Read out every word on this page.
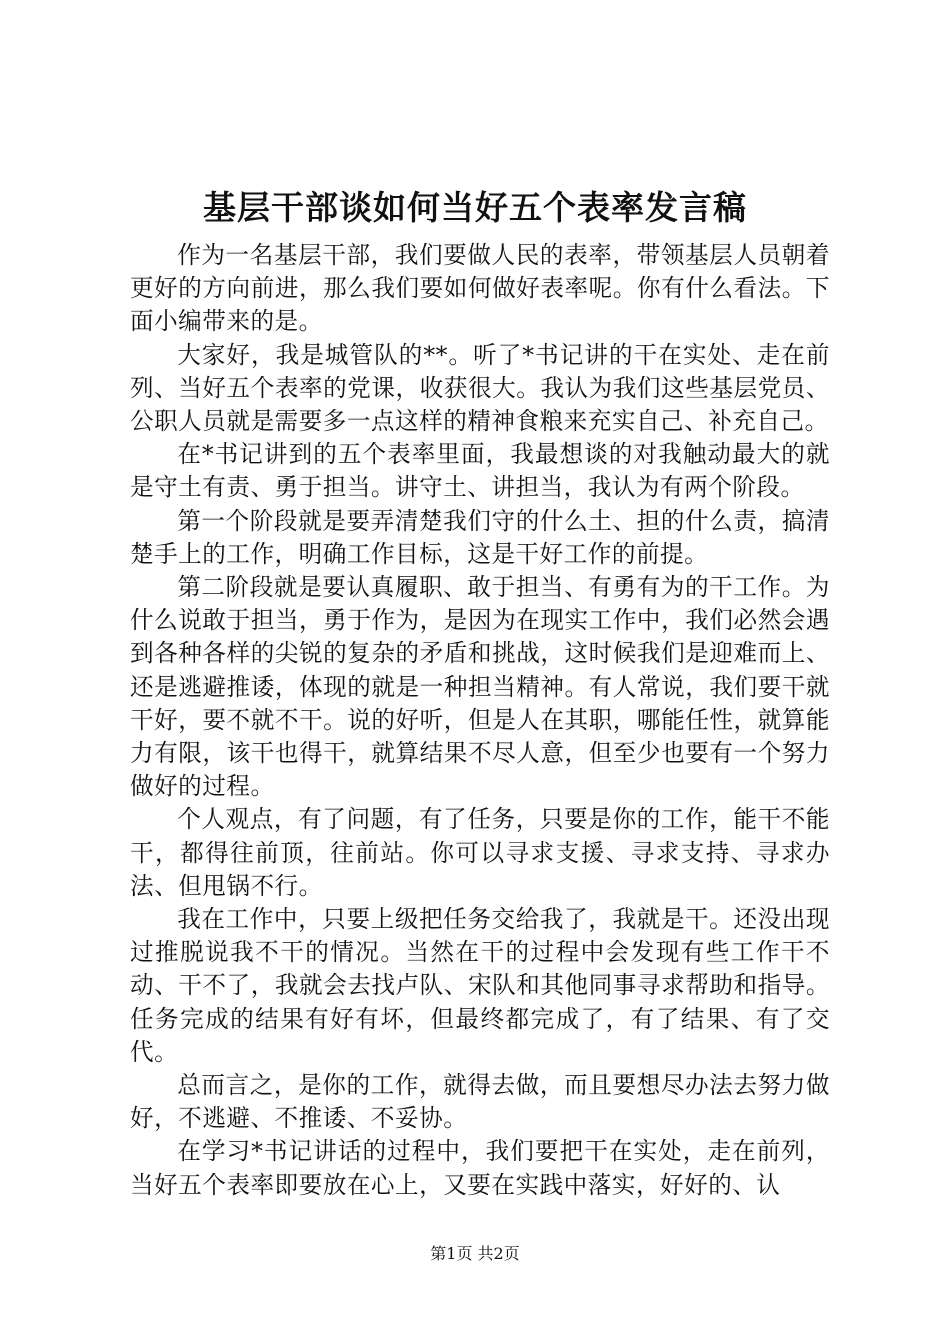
基层干部谈如何当好五个表率发言稿

作为一名基层干部，我们要做人民的表率，带领基层人员朝着更好的方向前进，那么我们要如何做好表率呢。你有什么看法。下面小编带来的是。

大家好，我是城管队的**。听了*书记讲的干在实处、走在前列、当好五个表率的党课，收获很大。我认为我们这些基层党员、公职人员就是需要多一点这样的精神食粮来充实自己、补充自己。

在*书记讲到的五个表率里面，我最想谈的对我触动最大的就是守土有责、勇于担当。讲守土、讲担当，我认为有两个阶段。

第一个阶段就是要弄清楚我们守的什么土、担的什么责，搞清楚手上的工作，明确工作目标，这是干好工作的前提。

第二阶段就是要认真履职、敢于担当、有勇有为的干工作。为什么说敢于担当，勇于作为，是因为在现实工作中，我们必然会遇到各种各样的尖锐的复杂的矛盾和挑战，这时候我们是迎难而上、还是逃避推诿，体现的就是一种担当精神。有人常说，我们要干就干好，要不就不干。说的好听，但是人在其职，哪能任性，就算能力有限，该干也得干，就算结果不尽人意，但至少也要有一个努力做好的过程。

个人观点，有了问题，有了任务，只要是你的工作，能干不能干，都得往前顶，往前站。你可以寻求支援、寻求支持、寻求办法、但甩锅不行。

我在工作中，只要上级把任务交给我了，我就是干。还没出现过推脱说我不干的情况。当然在干的过程中会发现有些工作干不动、干不了，我就会去找卢队、宋队和其他同事寻求帮助和指导。任务完成的结果有好有坏，但最终都完成了，有了结果、有了交代。

总而言之，是你的工作，就得去做，而且要想尽办法去努力做好，不逃避、不推诿、不妥协。

在学习*书记讲话的过程中，我们要把干在实处，走在前列，当好五个表率即要放在心上，又要在实践中落实，好好的、认

第1页 共2页
